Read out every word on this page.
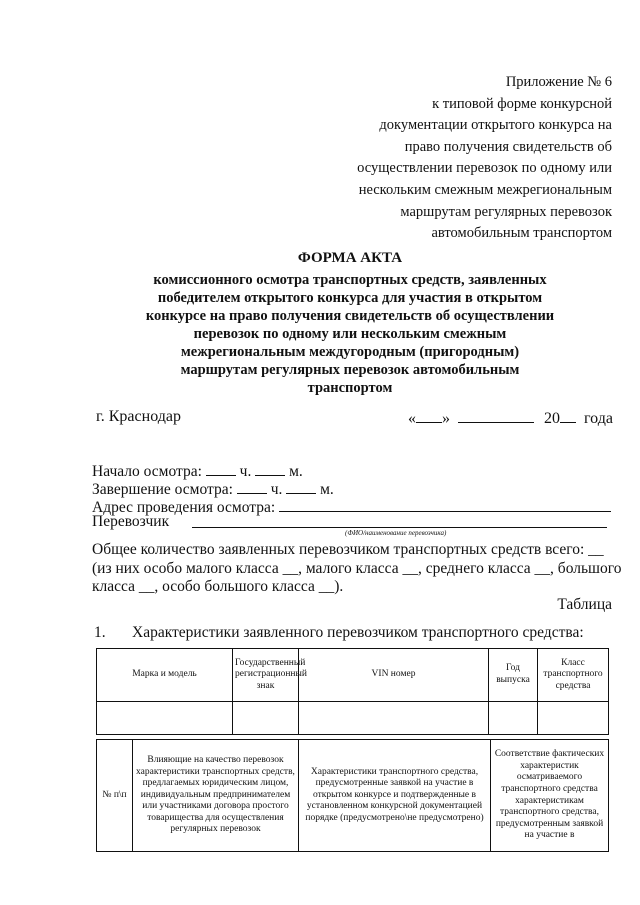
Приложение № 6
к типовой форме конкурсной
документации открытого конкурса на
право получения свидетельств об
осуществлении перевозок по одному или
нескольким смежным межрегиональным
маршрутам регулярных перевозок
автомобильным транспортом
ФОРМА АКТА
комиссионного осмотра транспортных средств, заявленных
победителем открытого конкурса для участия в открытом
конкурсе на право получения свидетельств об осуществлении
перевозок по одному или нескольким смежным
межрегиональным междугородным (пригородным)
маршрутам регулярных перевозок автомобильным
транспортом
г. Краснодар	« »	20 года
Начало осмотра: ч. м.
Завершение осмотра: ч. м.
Адрес проведения осмотра:
Перевозчик
(ФИО/наименование перевозчика)
Общее количество заявленных перевозчиком транспортных средств всего: __
(из них особо малого класса __, малого класса __, среднего класса __, большого
класса __, особо большого класса __).
Таблица
1. Характеристики заявленного перевозчиком транспортного средства:
Марка и модель	Государственный регистрационный знак	VIN номер	Год выпуска	Класс транспортного средства

№ п\п	Влияющие на качество перевозок характеристики транспортных средств, предлагаемых юридическим лицом, индивидуальным предпринимателем или участниками договора простого товарищества для осуществления регулярных перевозок	Характеристики транспортного средства, предусмотренные заявкой на участие в открытом конкурсе и подтвержденные в установленном конкурсной документацией порядке (предусмотрено\не предусмотрено)	Соответствие фактических характеристик осматриваемого транспортного средства характеристикам транспортного средства, предусмотренным заявкой на участие в
